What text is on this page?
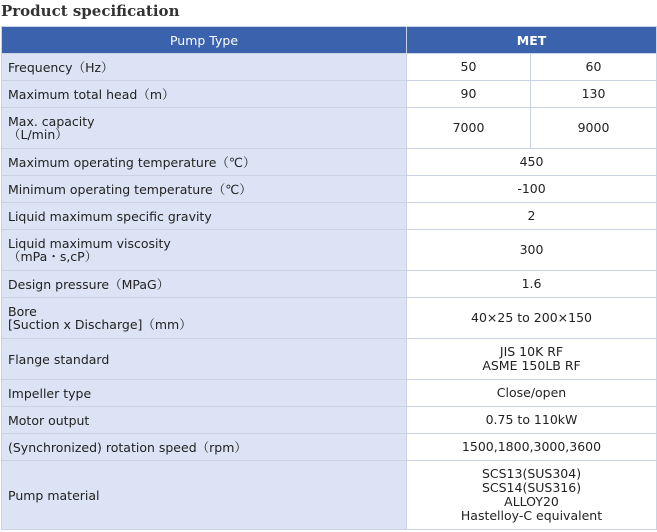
Product specification
Pump Type	MET	
Frequency（Hz）	50	60
Maximum total head（m）	90	130

Max. capacity
（L/min）	7000	9000
Maximum operating temperature（℃）	450	
Minimum operating temperature（℃）	-100	
Liquid maximum specific gravity	2	

Liquid maximum viscosity
（mPa・s,cP）	300	
Design pressure（MPaG）	1.6	

Bore
[Suction x Discharge]（mm）	40×25 to 200×150	
Flange standard	JIS 10K RF
ASME 150LB RF	

Impeller type	Close/open	
Motor output	0.75 to 110kW	
(Synchronized) rotation speed（rpm）	1500,1800,3000,3600	
Pump material	SCS13(SUS304)
SCS14(SUS316)
ALLOY20
Hastelloy-C equivalent	
